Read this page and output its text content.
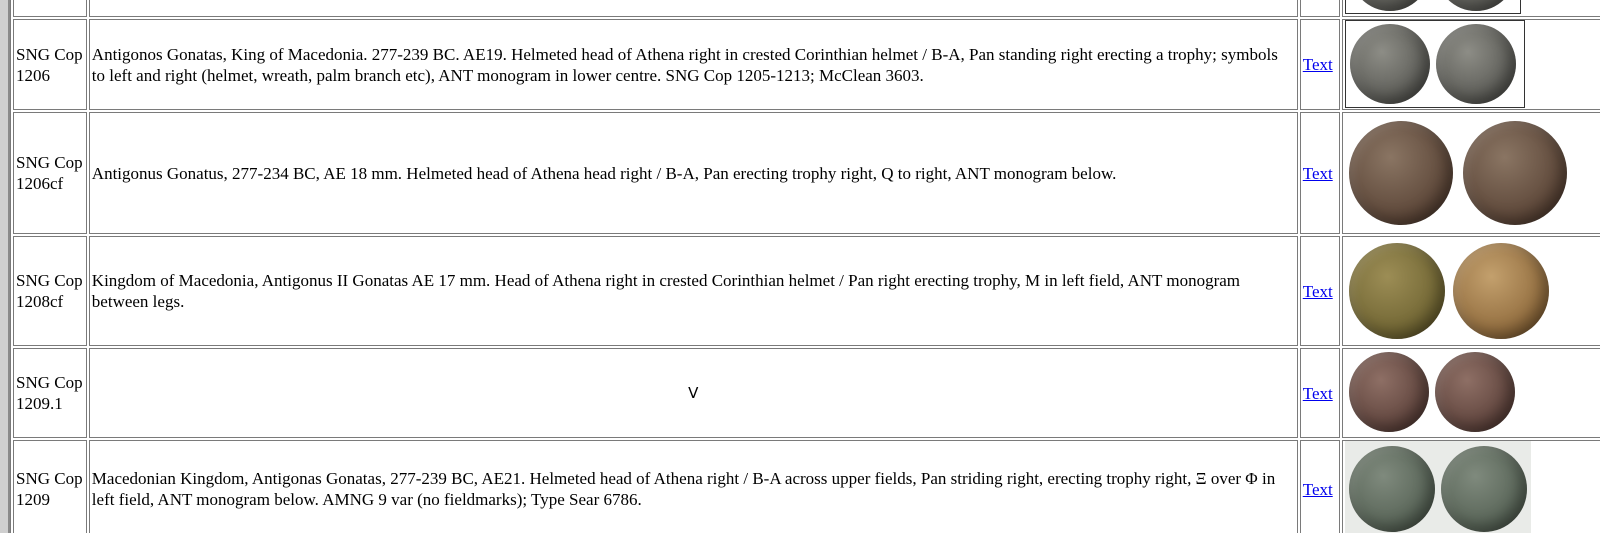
SNG Cop 1206	Antigonos Gonatas, King of Macedonia. 277-239 BC. AE19. Helmeted head of Athena right in crested Corinthian helmet / B-A, Pan standing right erecting a trophy; symbols to left and right (helmet, wreath, palm branch etc), ANT monogram in lower centre. SNG Cop 1205-1213; McClean 3603.	Text	

SNG Cop 1206cf	Antigonus Gonatus, 277-234 BC, AE 18 mm. Helmeted head of Athena head right / B-A, Pan erecting trophy right, Q to right, ANT monogram below.	Text	

SNG Cop 1208cf	Kingdom of Macedonia, Antigonus II Gonatas AE 17 mm. Head of Athena right in crested Corinthian helmet / Pan right erecting trophy, M in left field, ANT monogram between legs.	Text	

SNG Cop 1209.1	V	Text	

SNG Cop 1209	Macedonian Kingdom, Antigonas Gonatas, 277-239 BC, AE21. Helmeted head of Athena right / B-A across upper fields, Pan striding right, erecting trophy right, Ξ over Φ in left field, ANT monogram below. AMNG 9 var (no fieldmarks); Type Sear 6786.	Text	
